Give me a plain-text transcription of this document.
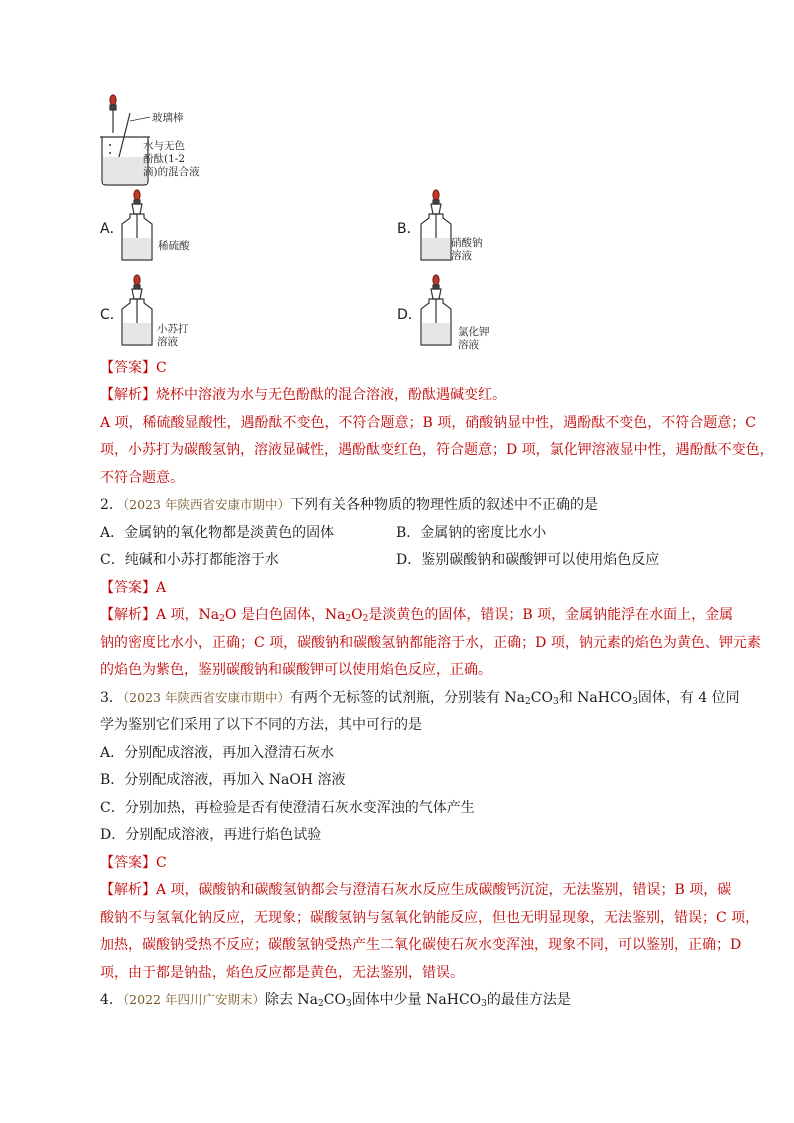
玻璃棒
水与无色
酚酞(1-2
滴)的混合液
A．
稀硫酸
B．
硝酸钠
溶液
C．
小苏打
溶液
D．
氯化钾
溶液
【答案】C
【解析】烧杯中溶液为水与无色酚酞的混合溶液，酚酞遇碱变红。
A 项，稀硫酸显酸性，遇酚酞不变色，不符合题意；B 项，硝酸钠显中性，遇酚酞不变色，不符合题意；C
项，小苏打为碳酸氢钠，溶液显碱性，遇酚酞变红色，符合题意；D 项，氯化钾溶液显中性，遇酚酞不变色，
不符合题意。
2．（2023 年陕西省安康市期中）下列有关各种物质的物理性质的叙述中不正确的是
A．金属钠的氧化物都是淡黄色的固体	B．金属钠的密度比水小
C．纯碱和小苏打都能溶于水	D．鉴别碳酸钠和碳酸钾可以使用焰色反应
【答案】A
【解析】A 项，$Na_2O$ 是白色固体，$Na_2O_2$是淡黄色的固体，错误；B 项，金属钠能浮在水面上，金属
钠的密度比水小，正确；C 项，碳酸钠和碳酸氢钠都能溶于水，正确；D 项，钠元素的焰色为黄色、钾元素
的焰色为紫色，鉴别碳酸钠和碳酸钾可以使用焰色反应，正确。
3．（2023 年陕西省安康市期中）有两个无标签的试剂瓶，分别装有 $Na_2CO_3$和 NaHCO$_3$固体，有 4 位同
学为鉴别它们采用了以下不同的方法，其中可行的是
A．分别配成溶液，再加入澄清石灰水
B．分别配成溶液，再加入 NaOH 溶液
C．分别加热，再检验是否有使澄清石灰水变浑浊的气体产生
D．分别配成溶液，再进行焰色试验
【答案】C
【解析】A 项，碳酸钠和碳酸氢钠都会与澄清石灰水反应生成碳酸钙沉淀，无法鉴别，错误；B 项，碳
酸钠不与氢氧化钠反应，无现象；碳酸氢钠与氢氧化钠能反应，但也无明显现象，无法鉴别，错误；C 项，
加热，碳酸钠受热不反应；碳酸氢钠受热产生二氧化碳使石灰水变浑浊，现象不同，可以鉴别，正确；D
项，由于都是钠盐，焰色反应都是黄色，无法鉴别，错误。
4．（2022 年四川广安期末）除去 $Na_2CO_3$固体中少量 NaHCO$_3$的最佳方法是
